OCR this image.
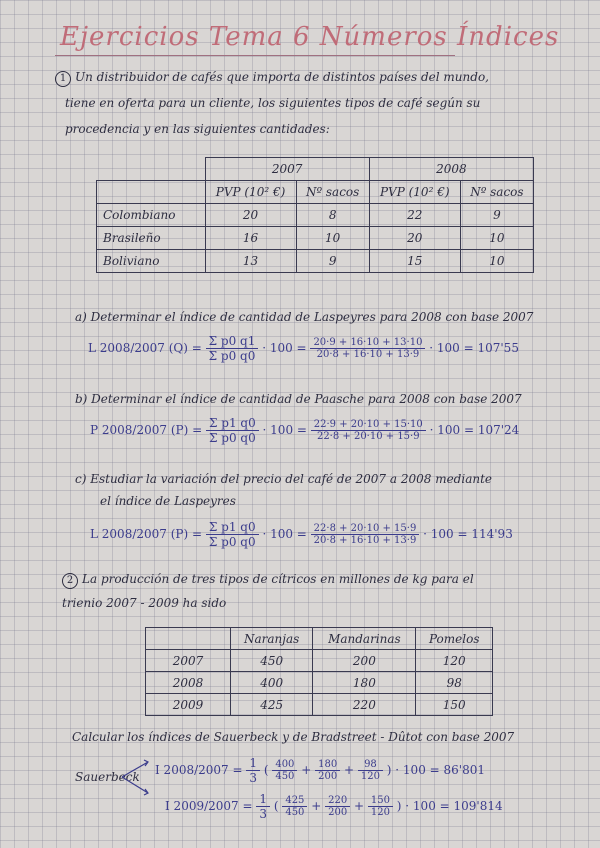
Ejercicios Tema 6 Números Índices
1 Un distribuidor de cafés que importa de distintos países del mundo,
tiene en oferta para un cliente, los siguientes tipos de café según su
procedencia y en las siguientes cantidades:
	2007		2008	
	PVP (10² €)	Nº sacos	PVP (10² €)	Nº sacos
Colombiano	20	8	22	9
Brasileño	16	10	20	10
Boliviano	13	9	15	10
a) Determinar el índice de cantidad de Laspeyres para 2008 con base 2007
L 2008/2007 $(Q) = \frac{\text{Σ p0 q1}}{\text{Σ p0 q0}} \cdot 100 = \frac{20\cdot 9 + 16\cdot 10 + 13\cdot 10}{20\cdot 8 + 16\cdot 10 + 13\cdot 9} \cdot 100 = 107'55$
b) Determinar el índice de cantidad de Paasche para 2008 con base 2007
P 2008/2007 $(P) = \frac{\text{Σ p1 q0}}{\text{Σ p0 q0}} \cdot 100 = \frac{22\cdot 9 + 20\cdot 10 + 15\cdot 10}{22\cdot 8 + 20\cdot 10 + 15\cdot 9} \cdot 100 = 107'24$
c) Estudiar la variación del precio del café de 2007 a 2008 mediante
el índice de Laspeyres
L 2008/2007 $(P) = \frac{\text{Σ p1 q0}}{\text{Σ p0 q0}} \cdot 100 = \frac{22\cdot 8 + 20\cdot 10 + 15\cdot 9}{20\cdot 8 + 16\cdot 10 + 13\cdot 9} \cdot 100 = 114'93$
2 La producción de tres tipos de cítricos en millones de kg para el
trienio 2007 - 2009 ha sido
	Naranjas	Mandarinas	Pomelos
2007	450	200	120
2008	400	180	98
2009	425	220	150
Calcular los índices de Sauerbeck y de Bradstreet - Dûtot con base 2007
Sauerbeck I $2008/2007 = \frac{1}{3}$ ( $\frac{400}{450} + \frac{180}{200} + \frac{98}{120}$ ) · 100 = 86'801
I $2009/2007 = \frac{1}{3}$ ( $\frac{425}{450} + \frac{220}{200} + \frac{150}{120}$ ) · 100 = 109'814
